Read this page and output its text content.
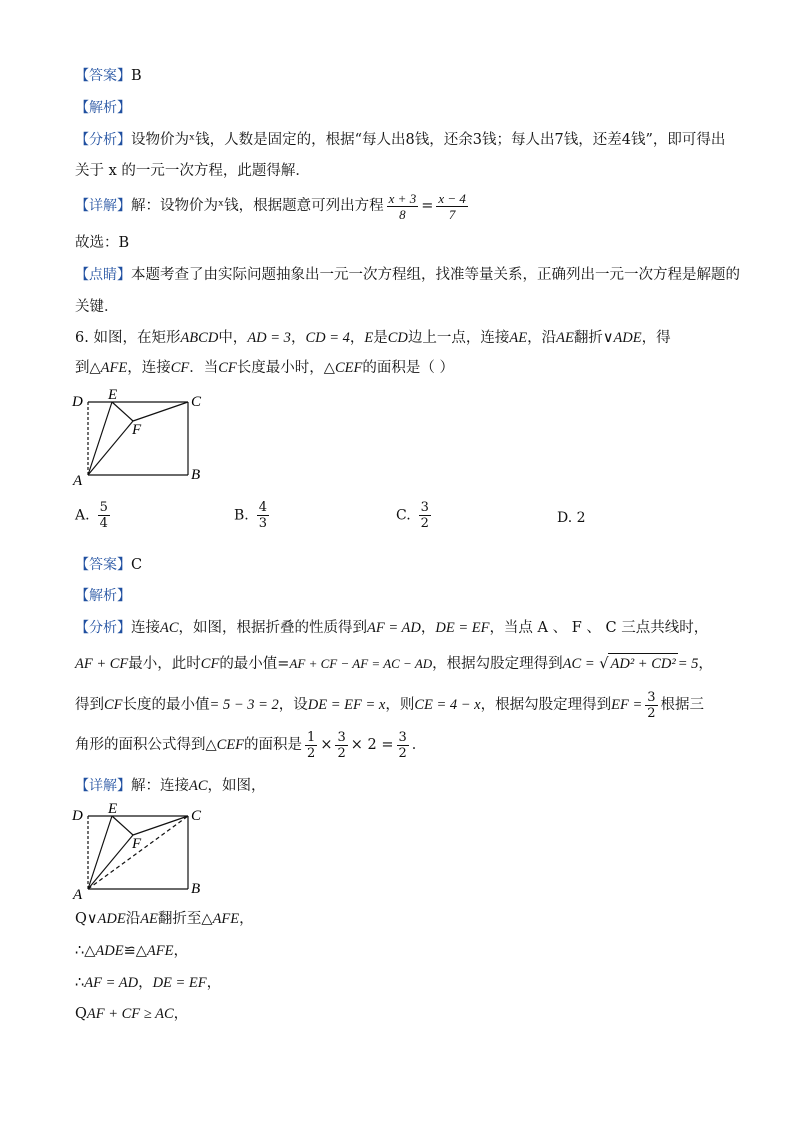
【答案】B
【解析】
【分析】设物价为ˣ钱，人数是固定的，根据“每人出8钱，还余3钱；每人出7钱，还差4钱”，即可得出
关于 x 的一元一次方程，此题得解．
【详解】解：设物价为ˣ钱，根据题意可列出方程 $\frac{x + 3}{8} = \frac{x - 4}{7}$
故选：B
【点睛】本题考查了由实际问题抽象出一元一次方程组，找准等量关系，正确列出一元一次方程是解题的
关键．
6. 如图，在矩形ABCD中，AD = 3，CD = 4，E是CD边上一点，连接AE，沿AE翻折∨ADE，得
到△AFE，连接CF．当CF长度最小时，△CEF的面积是（ ）
D E	C
F
A	B
A. $\frac{5}{4}$	B. $\frac{4}{3}$	C. $\frac{3}{2}$	D. 2
【答案】C
【解析】
【分析】连接AC，如图，根据折叠的性质得到AF = AD，DE = EF，当点 A 、 F 、 C 三点共线时，
AF + CF最小，此时CF的最小值=AF + CF − AF = AC − AD，根据勾股定理得到AC = √ AD² + CD² = 5，
得到CF长度的最小值= 5 − 3 = 2，设DE = EF = x，则CE = 4 − x，根据勾股定理得到EF = $\frac{3}{2}$ 根据三
角形的面积公式得到△CEF的面积是 $\frac{1}{2} \times \frac{3}{2} \times 2 = \frac{3}{2}$ ．
【详解】解：连接AC，如图，
D E	C
F
A	B
Q∨ADE沿AE翻折至△AFE，
∴△ADE≌△AFE，
∴AF = AD，DE = EF，
QAF + CF ≥ AC，
